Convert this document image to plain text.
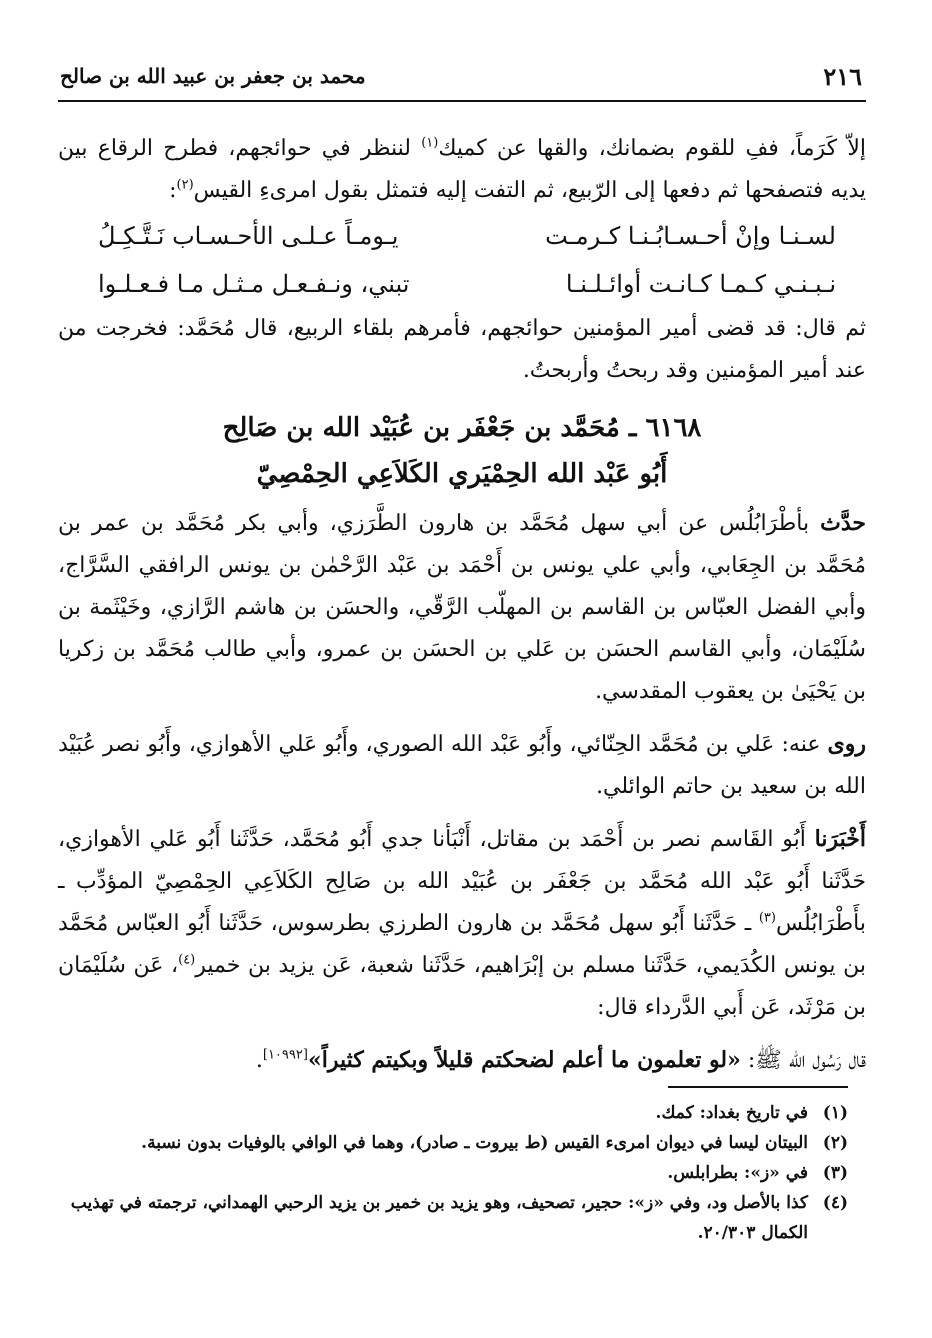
٢١٦
محمد بن جعفر بن عبيد الله بن صالح

إلاّ كَرَماً، ففِ للقوم بضمانك، والقها عن كميك$^{(١)}$ لننظر في حوائجهم، فطرح الرقاع بين يديه فتصفحها ثم دفعها إلى الرّبيع، ثم التفت إليه فتمثل بقول امرىءِ القيس$^{(٢)}$:

لسـنـا وإنْ أحـسـابُـنـا كـرمـت
يـومـاً عـلـى الأحـسـاب نَـتَّـكِـلُ
نـبـنـي كـمـا كـانـت أوائـلـنـا
تبني، ونـفـعـل مـثـل مـا فـعـلـوا

ثم قال: قد قضى أمير المؤمنين حوائجهم، فأمرهم بلقاء الربيع، قال مُحَمَّد: فخرجت من عند أمير المؤمنين وقد ربحتُ وأربحتُ.

٦١٦٨ ـ مُحَمَّد بن جَعْفَر بن عُبَيْد الله بن صَالِح
أَبُو عَبْد الله الحِمْيَري الكَلاَعِي الحِمْصِيّ

حدَّث بأطْرَابُلُس عن أبي سهل مُحَمَّد بن هارون الطَّرَزي، وأبي بكر مُحَمَّد بن عمر بن مُحَمَّد بن الجِعَابي، وأبي علي يونس بن أَحْمَد بن عَبْد الرَّحْمٰن بن يونس الرافقي السَّرَّاج، وأبي الفضل العبّاس بن القاسم بن المهلّب الرَّقّي، والحسَن بن هاشم الرَّازي، وخَيْثَمة بن سُلَيْمَان، وأبي القاسم الحسَن بن عَلي بن الحسَن بن عمرو، وأبي طالب مُحَمَّد بن زكريا بن يَحْيَىٰ بن يعقوب المقدسي.

روى عنه: عَلي بن مُحَمَّد الحِنّائي، وأَبُو عَبْد الله الصوري، وأَبُو عَلي الأهوازي، وأَبُو نصر عُبَيْد الله بن سعيد بن حاتم الوائلي.

أَخْبَرَنا أَبُو القَاسم نصر بن أَحْمَد بن مقاتل، أَنْبَأنا جدي أَبُو مُحَمَّد، حَدَّثَنا أَبُو عَلي الأهوازي، حَدَّثَنا أَبُو عَبْد الله مُحَمَّد بن جَعْفَر بن عُبَيْد الله بن صَالِح الكَلاَعِي الحِمْصِيّ المؤدِّب ـ بأَطْرَابُلُس$^{(٣)}$ ـ حَدَّثَنا أَبُو سهل مُحَمَّد بن هارون الطرزي بطرسوس، حَدَّثَنا أَبُو العبّاس مُحَمَّد بن يونس الكُدَيمي، حَدَّثَنا مسلم بن إبْرَاهيم، حَدَّثَنا شعبة، عَن يزيد بن خمير$^{(٤)}$، عَن سُلَيْمَان بن مَرْثَد، عَن أَبي الدَّرداء قال:

قال رَسُول الله ﷺ: «لو تعلمون ما أعلم لضحكتم قليلاً وبكيتم كثيراً»[١٠٩٩٢].

(١)
في تاريخ بغداد: كمك.
(٢)
البيتان ليسا في ديوان امرىء القيس (ط بيروت ـ صادر)، وهما في الوافي بالوفيات بدون نسبة.
(٣)
في «ز»: بطرابلس.
(٤)
كذا بالأصل ود، وفي «ز»: حجير، تصحيف، وهو يزيد بن خمير بن يزيد الرحبي الهمداني، ترجمته في تهذيب الكمال ٢٠/٣٠٣.
